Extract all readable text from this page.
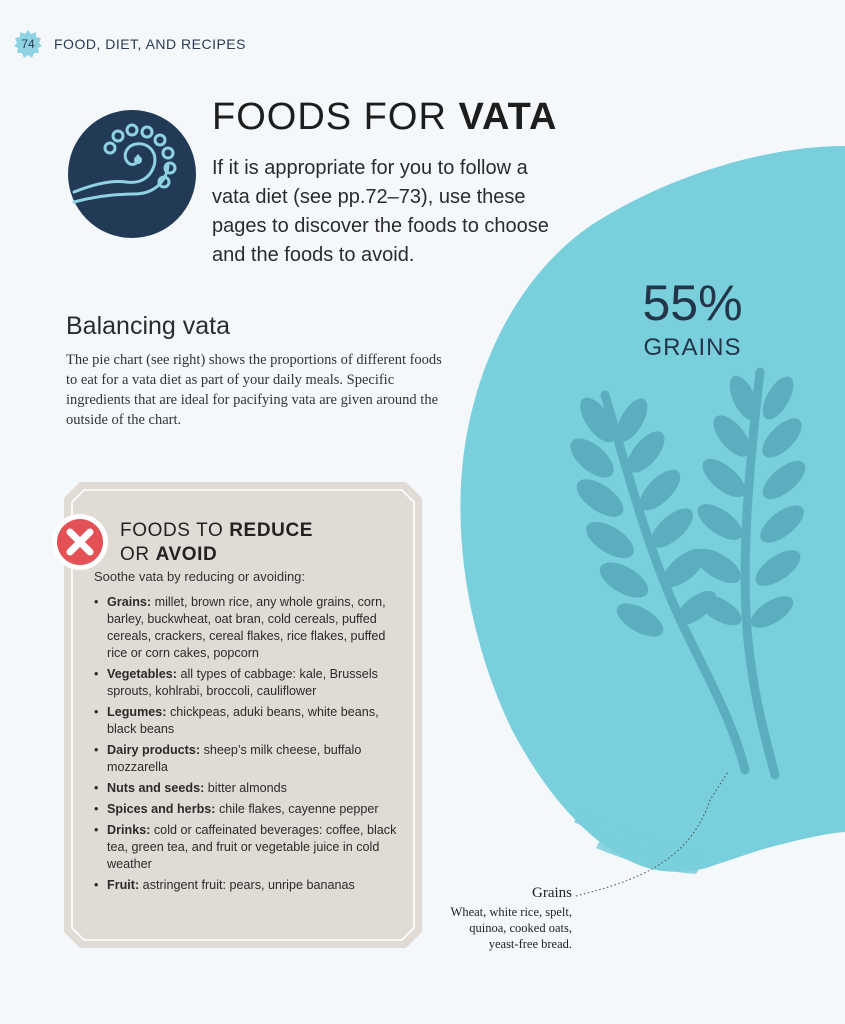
74	FOOD, DIET, AND RECIPES
FOODS FOR VATA
If it is appropriate for you to follow a vata diet (see pp.72–73), use these pages to discover the foods to choose and the foods to avoid.
Balancing vata
The pie chart (see right) shows the proportions of different foods to eat for a vata diet as part of your daily meals. Specific ingredients that are ideal for pacifying vata are given around the outside of the chart.
55%
GRAINS
FOODS TO REDUCE
OR AVOID
Soothe vata by reducing or avoiding:
• Grains: millet, brown rice, any whole grains, corn, barley, buckwheat, oat bran, cold cereals, puffed cereals, crackers, cereal flakes, rice flakes, puffed rice or corn cakes, popcorn
• Vegetables: all types of cabbage: kale, Brussels sprouts, kohlrabi, broccoli, cauliflower
• Legumes: chickpeas, aduki beans, white beans, black beans
• Dairy products: sheep’s milk cheese, buffalo mozzarella
• Nuts and seeds: bitter almonds
• Spices and herbs: chile flakes, cayenne pepper
• Drinks: cold or caffeinated beverages: coffee, black tea, green tea, and fruit or vegetable juice in cold weather
• Fruit: astringent fruit: pears, unripe bananas	Grains
Wheat, white rice, spelt, quinoa, cooked oats, yeast-free bread.
